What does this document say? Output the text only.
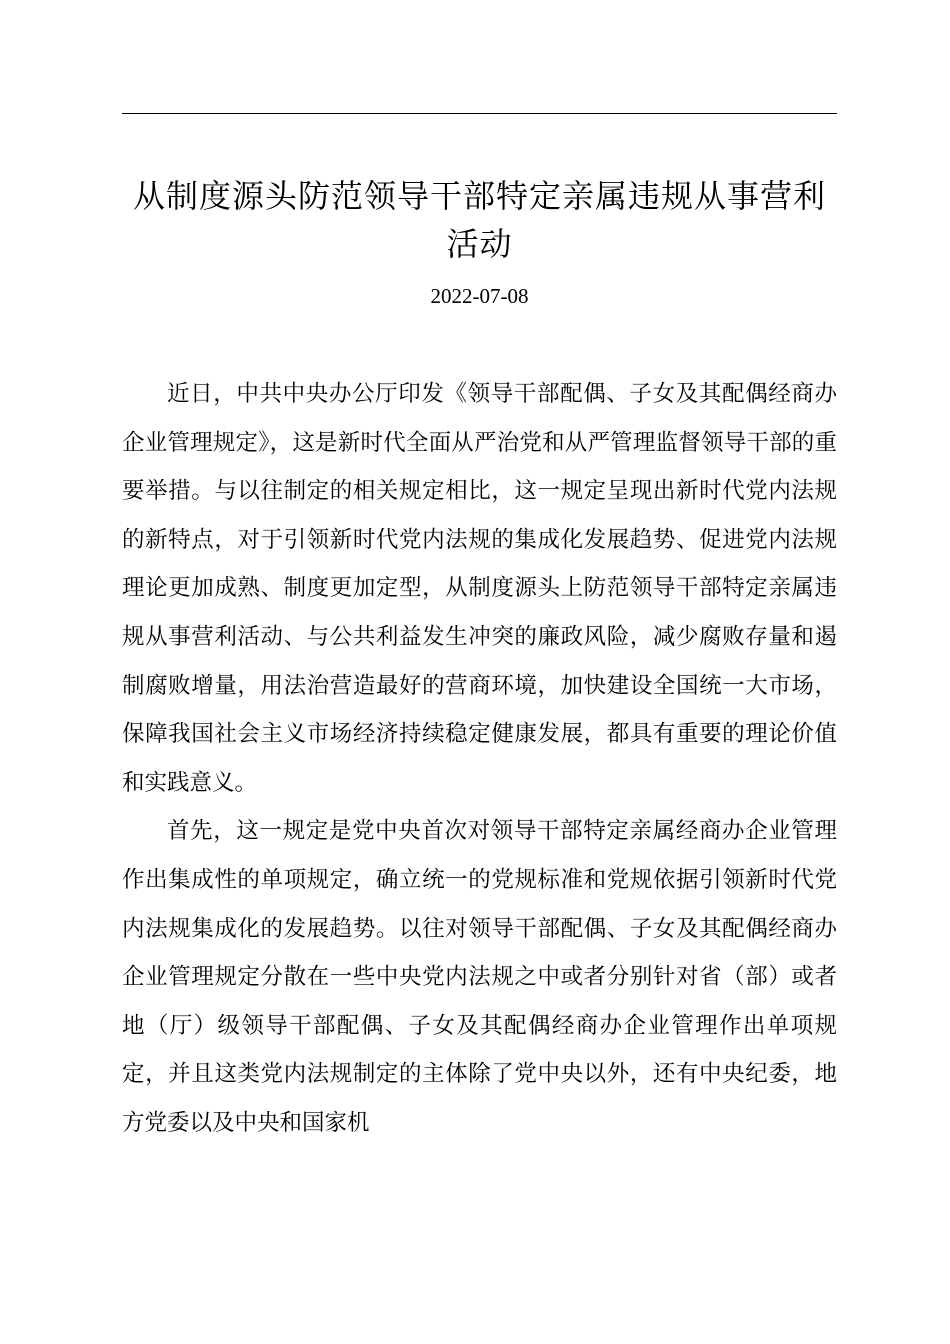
从制度源头防范领导干部特定亲属违规从事营利活动
2022-07-08

近日，中共中央办公厅印发《领导干部配偶、子女及其配偶经商办企业管理规定》，这是新时代全面从严治党和从严管理监督领导干部的重要举措。与以往制定的相关规定相比，这一规定呈现出新时代党内法规的新特点，对于引领新时代党内法规的集成化发展趋势、促进党内法规理论更加成熟、制度更加定型，从制度源头上防范领导干部特定亲属违规从事营利活动、与公共利益发生冲突的廉政风险，减少腐败存量和遏制腐败增量，用法治营造最好的营商环境，加快建设全国统一大市场，保障我国社会主义市场经济持续稳定健康发展，都具有重要的理论价值和实践意义。

首先，这一规定是党中央首次对领导干部特定亲属经商办企业管理作出集成性的单项规定，确立统一的党规标准和党规依据引领新时代党内法规集成化的发展趋势。以往对领导干部配偶、子女及其配偶经商办企业管理规定分散在一些中央党内法规之中或者分别针对省（部）或者地（厅）级领导干部配偶、子女及其配偶经商办企业管理作出单项规定，并且这类党内法规制定的主体除了党中央以外，还有中央纪委，地方党委以及中央和国家机
